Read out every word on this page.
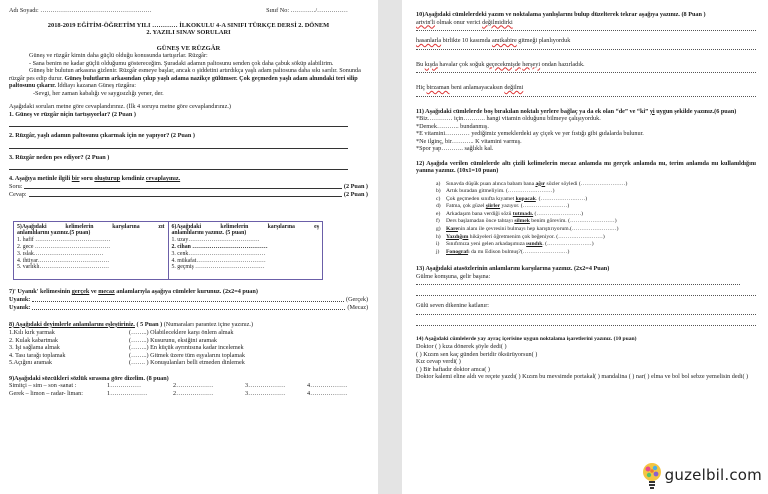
Adı Soyadı: ………………………………………………	Sınıf No: …………/……………
2018-2019 EĞİTİM-ÖĞRETİM YILI ………… İLKOKULU 4-A SINIFI TÜRKÇE DERSİ 2. DÖNEM
2. YAZILI SINAV SORULARI
GÜNEŞ VE RÜZGÂR
Güneş ve rüzgâr kimin daha güçlü olduğu konusunda tartışırlar. Rüzgâr:
- Sana benim ne kadar güçlü olduğumu göstereceğim. Şuradaki adamın paltosunu senden çok daha çabuk söküp alabilirim.
Güneş bir bulutun arkasına gizlenir. Rüzgâr esmeye başlar, ancak o şiddetini artırdıkça yaşlı adam paltosuna daha sıkı sarılır. Sonunda rüzgâr pes edip durur. Güneş bulutların arkasından çıkıp yaşlı adama nazikçe gülümser. Çok geçmeden yaşlı adam alnındaki teri silip paltosunu çıkarır. İddiayı kazanan Güneş rüzgâra:
-Sevgi, her zaman kabalığı ve saygısızlığı yener, der.
Aşağıdaki soruları metne göre cevaplandırınız. (İlk 4 soruyu metne göre cevaplandırınız.)
1. Güneş ve rüzgâr niçin tartışıyorlar? (2 Puan )
2. Rüzgâr, yaşlı adamın paltosunu çıkarmak için ne yapıyor? (2 Puan )
3. Rüzgâr neden pes ediyor? (2 Puan )
4. Aşağıya metinle ilgili bir soru oluşturup kendiniz cevaplayınız.
Soru:	(2 Puan )
Cevap:	(2 Puan )
5)Aşağıdaki kelimelerin karşılarına zıt
anlamlılarını yazınız.(5 puan)
1. hafif …………………………………
2. gece …………………………………
3. ıslak………………………………
4. ihtiyar……………………………….
5. varlıklı………………………………
6)Aşağıdaki kelimelerin karşılarına eş
anlamlılarını yazınız. (5 puan)
1. uzay……………………………….
2. cihan …………………………………
3. cenk………………………………….
4. mükafat………………………………
5. geçmiş ………………………………
7)' Uyanık' kelimesinin gerçek ve mecaz anlamlarıyla aşağıya cümleler kurunuz. (2x2=4 puan)
Uyanık:	(Gerçek)
Uyanık:	(Mecaz)
8) Aşağıdaki deyimlerle anlamlarını eşleştiriniz. ( 5 Puan ) (Numaraları parantez içine yazınız.)
1.Kılı kırk yarmak	(……..) Olabileceklere karşı önlem almak
2. Kulak kabartmak	(……..) Kusurunu, eksiğini aramak
3. İşi sağlama almak	(……..) En küçük ayrıntısına kadar incelemek
4. Tası tarağı toplamak	(……..) Gitmek üzere tüm eşyalarını toplamak
5.Açığını aramak	(……. ) Konuşulanları belli etmeden dinlemek
9)Aşağıdaki sözcükleri sözlük sırasına göre dizelim. (8 puan)
Simitçi – sim – son -sanat :	1……………	2………………	3………………	4………………
Gerek – limon – radar- liman:	1………………	2………………	3………………	4………………
10)Aşağıdaki cümlelerdeki yazım ve noktalama yanlışlarını bulup düzelterek tekrar aşağıya yazınız. (8 Puan )
artvin'li olmak onur verici değilmidirki
hasanlarla birlikte 10 kasımda anıtkabire gitmeği planlıyorduk
Bu kışda havalar çok soğuk geçecekmişde herşeyi ondan hazırladık.
Hiç birzaman beni anlamayacaksın değilmi
11) Aşağıdaki cümlelerde boş bırakılan noktalı yerlere bağlaç ya da ek olan “de” ve “ki” yi uygun şekilde yazınız.(6 puan)
*Biz………… için……….. hangi vitamin olduğunu bilmeye çalışıyorduk.
*Demek……….. bundanmış.
*E vitamini………… yediğimiz yemeklerdeki ay çiçek ve yer fıstığı gibi gıdalarda bulunur.
*Ne ilginç, bir……….. K vitamini varmış.
*Spor yap……….. sağlıklı kal.
12) Aşağıda verilen cümlelerde altı çizili kelimelerin mecaz anlamda mı gerçek anlamda mı, terim anlamda mı kullanıldığını yanına yazınız. (10x1=10 puan)
a)	Sınavda düşük puan alınca babam bana ağır sözler söyledi (……………………)
b) Artık buradan gitmeliyim. (……………………)
c)	Çok geçmeden sınıfta kıyamet kopacak. (……………………)
d) Fatma, çok güzel şiirler yazıyor. (……………………)
e)	Arkadaşım bana verdiği sözü tutmadı. (……………………)
f)	Ders başlamadan önce tahtayı silmek benim görevim. (……………………)
g) Karenin alanı ile çevresini bulmayı hep karıştırıyorum.(……………………)
h) Yazdığım hikâyeleri öğretmenim çok beğeniyor. (……………………)
i)	Sınıfımıza yeni gelen arkadaşımıza ısındık. (……………………)
j)	Fonografı da mı Edison bulmuş?(……………………)
13) Aşağıdaki atasözlerinin anlamlarını karşılarına yazınız. (2x2=4 Puan)
Gülme komşuna, gelir başına:
Gülü seven dikenine katlanır:
14) Aşağıdaki cümlelerde yay ayraç içerisine uygun noktalama işaretlerini yazınız. (10 puan)
Doktor ( ) kıza dönerek şöyle dedi( )
( ) Kızım sen kaç günden beridir öksürüyorsun( )
Kız cevap verdi( )
( ) Bir haftadır doktor amca( )
Doktor kalemi eline aldı ve reçete yazdı( ) Kızım bu mevsimde portakal( ) mandalina ( ) nar( ) elma ve bol bol sebze yemelisin dedi( )
guzelbil.com
